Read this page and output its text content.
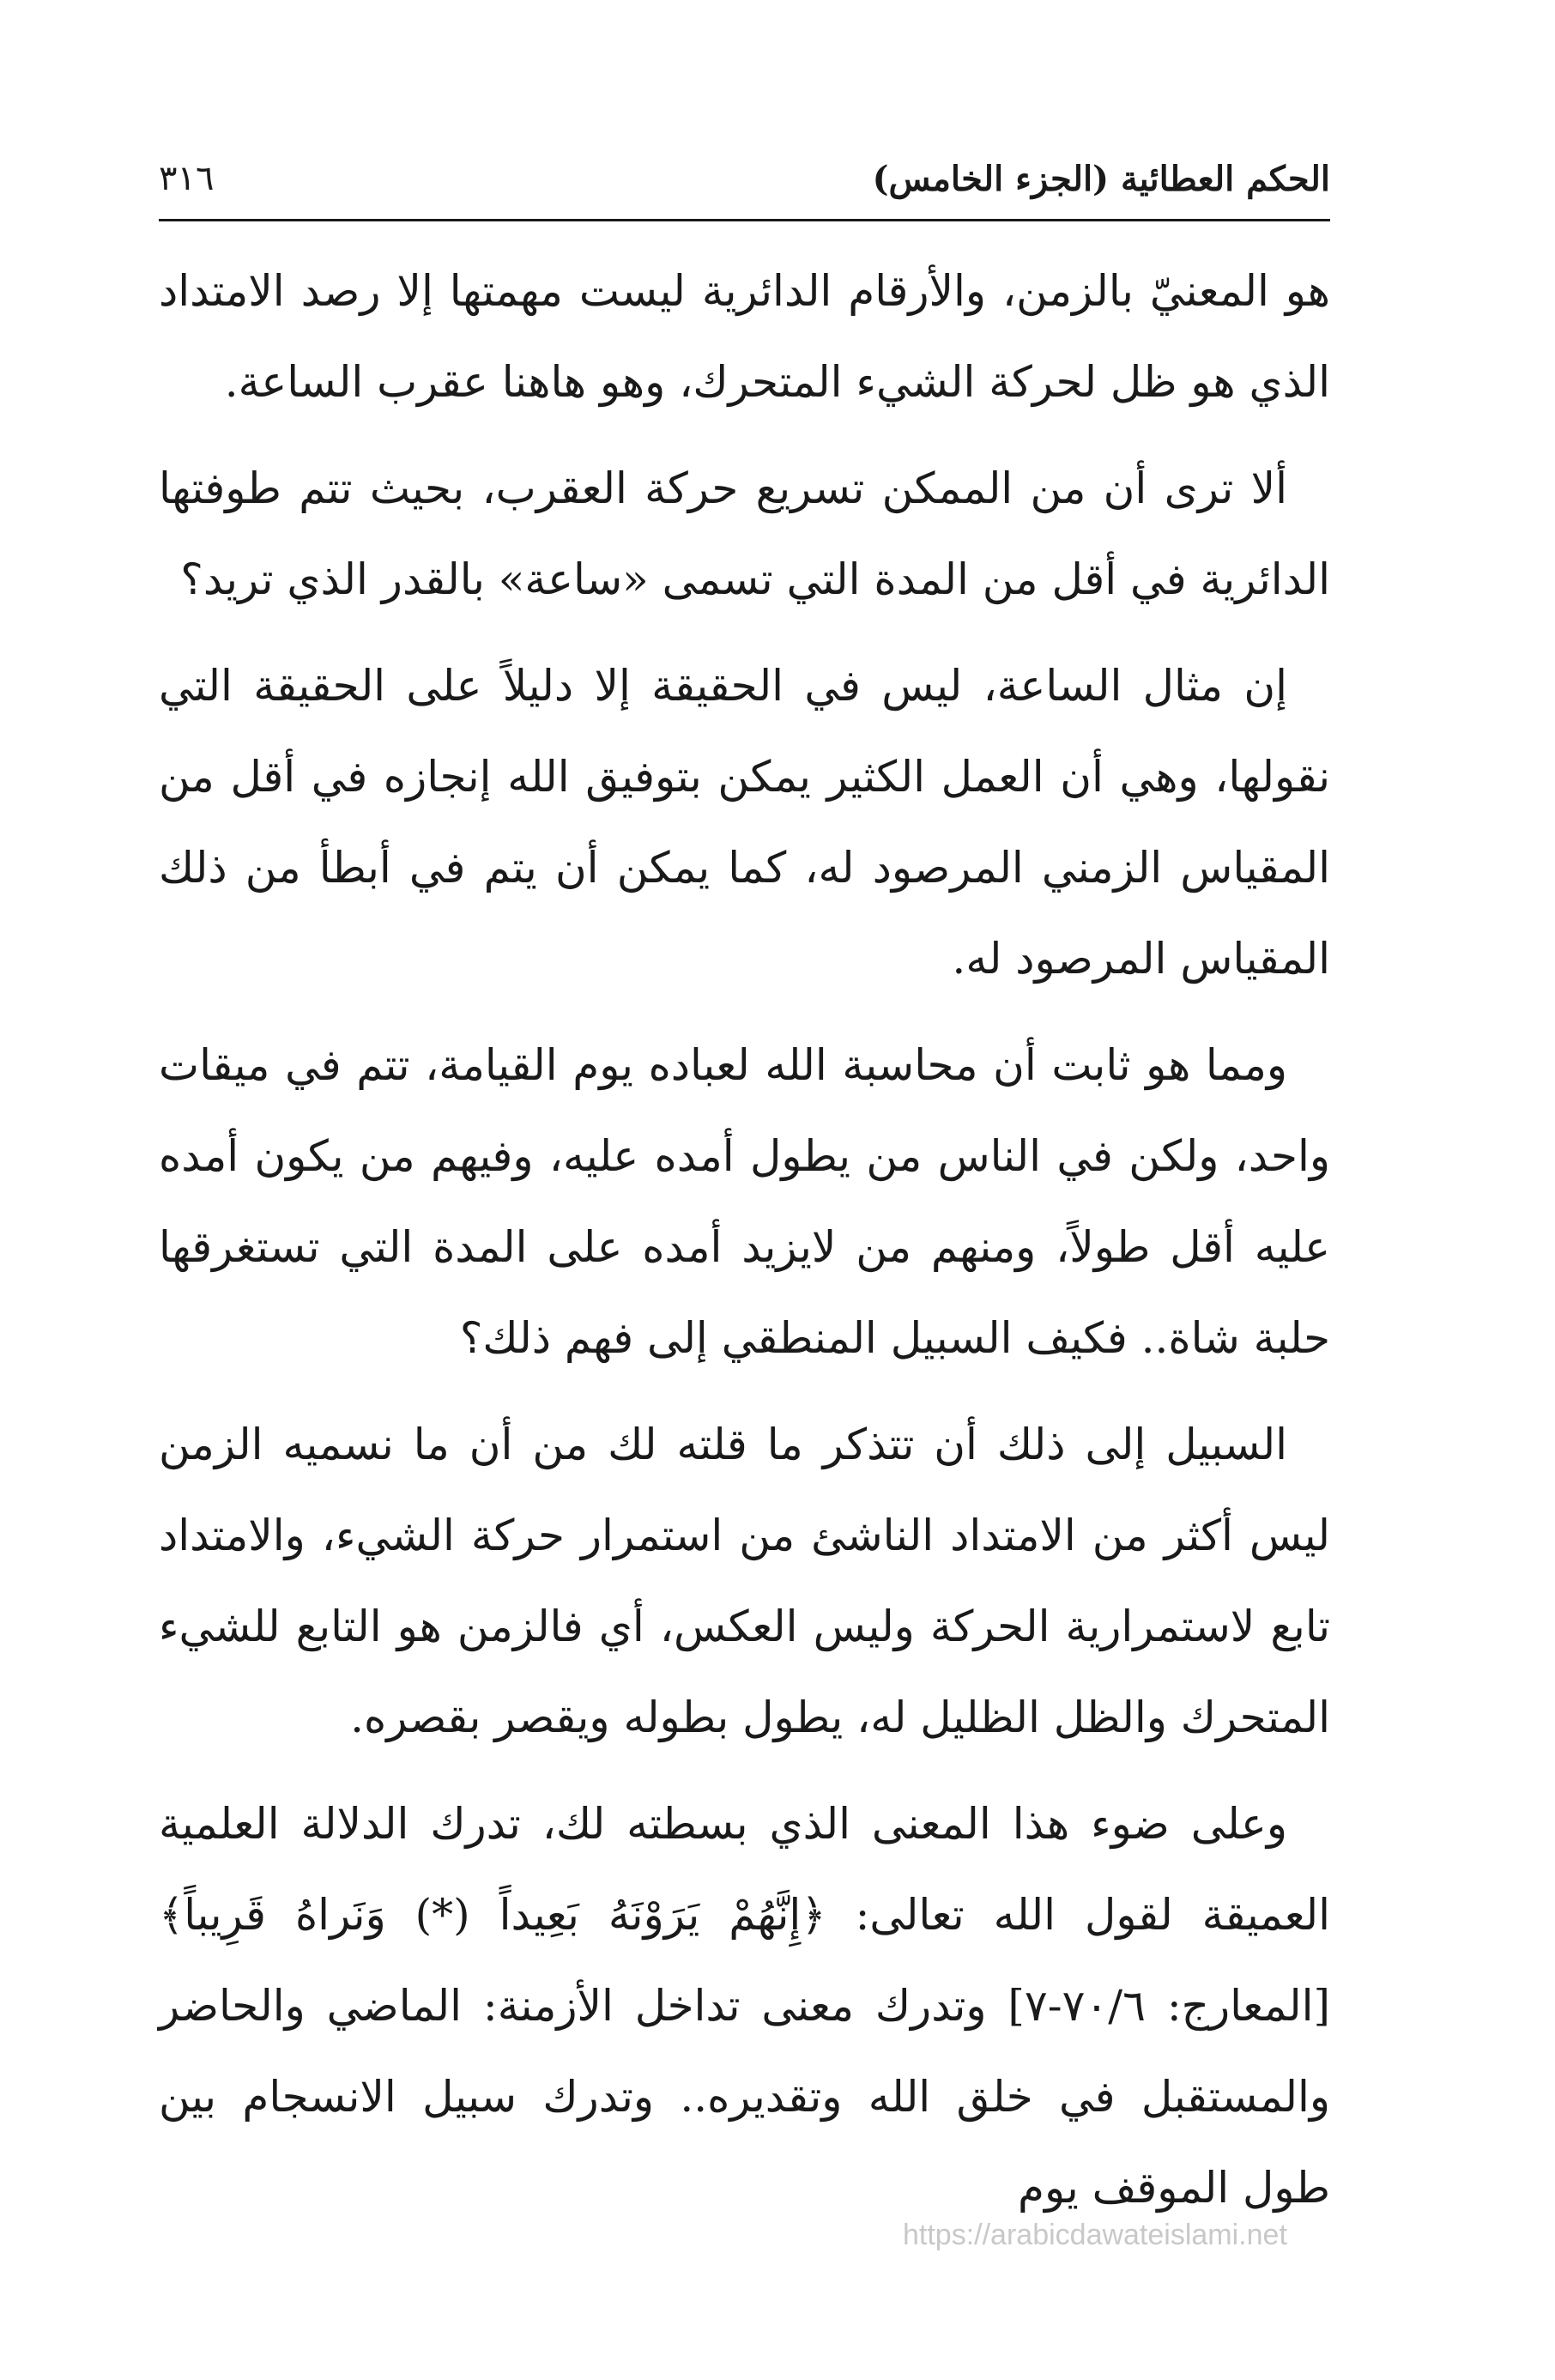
الحكم العطائية (الجزء الخامس)
٣١٦

هو المعنيّ بالزمن، والأرقام الدائرية ليست مهمتها إلا رصد الامتداد الذي هو ظل لحركة الشيء المتحرك، وهو هاهنا عقرب الساعة.

ألا ترى أن من الممكن تسريع حركة العقرب، بحيث تتم طوفتها الدائرية في أقل من المدة التي تسمى «ساعة» بالقدر الذي تريد؟

إن مثال الساعة، ليس في الحقيقة إلا دليلاً على الحقيقة التي نقولها، وهي أن العمل الكثير يمكن بتوفيق الله إنجازه في أقل من المقياس الزمني المرصود له، كما يمكن أن يتم في أبطأ من ذلك المقياس المرصود له.

ومما هو ثابت أن محاسبة الله لعباده يوم القيامة، تتم في ميقات واحد، ولكن في الناس من يطول أمده عليه، وفيهم من يكون أمده عليه أقل طولاً، ومنهم من لايزيد أمده على المدة التي تستغرقها حلبة شاة.. فكيف السبيل المنطقي إلى فهم ذلك؟

السبيل إلى ذلك أن تتذكر ما قلته لك من أن ما نسميه الزمن ليس أكثر من الامتداد الناشئ من استمرار حركة الشيء، والامتداد تابع لاستمرارية الحركة وليس العكس، أي فالزمن هو التابع للشيء المتحرك والظل الظليل له، يطول بطوله ويقصر بقصره.

وعلى ضوء هذا المعنى الذي بسطته لك، تدرك الدلالة العلمية العميقة لقول الله تعالى: ﴿إِنَّهُمْ يَرَوْنَهُ بَعِيداً (*) وَنَراهُ قَرِيباً﴾ [المعارج: ٧٠/٦-٧] وتدرك معنى تداخل الأزمنة: الماضي والحاضر والمستقبل في خلق الله وتقديره.. وتدرك سبيل الانسجام بين طول الموقف يوم

https://arabicdawateislami.net
